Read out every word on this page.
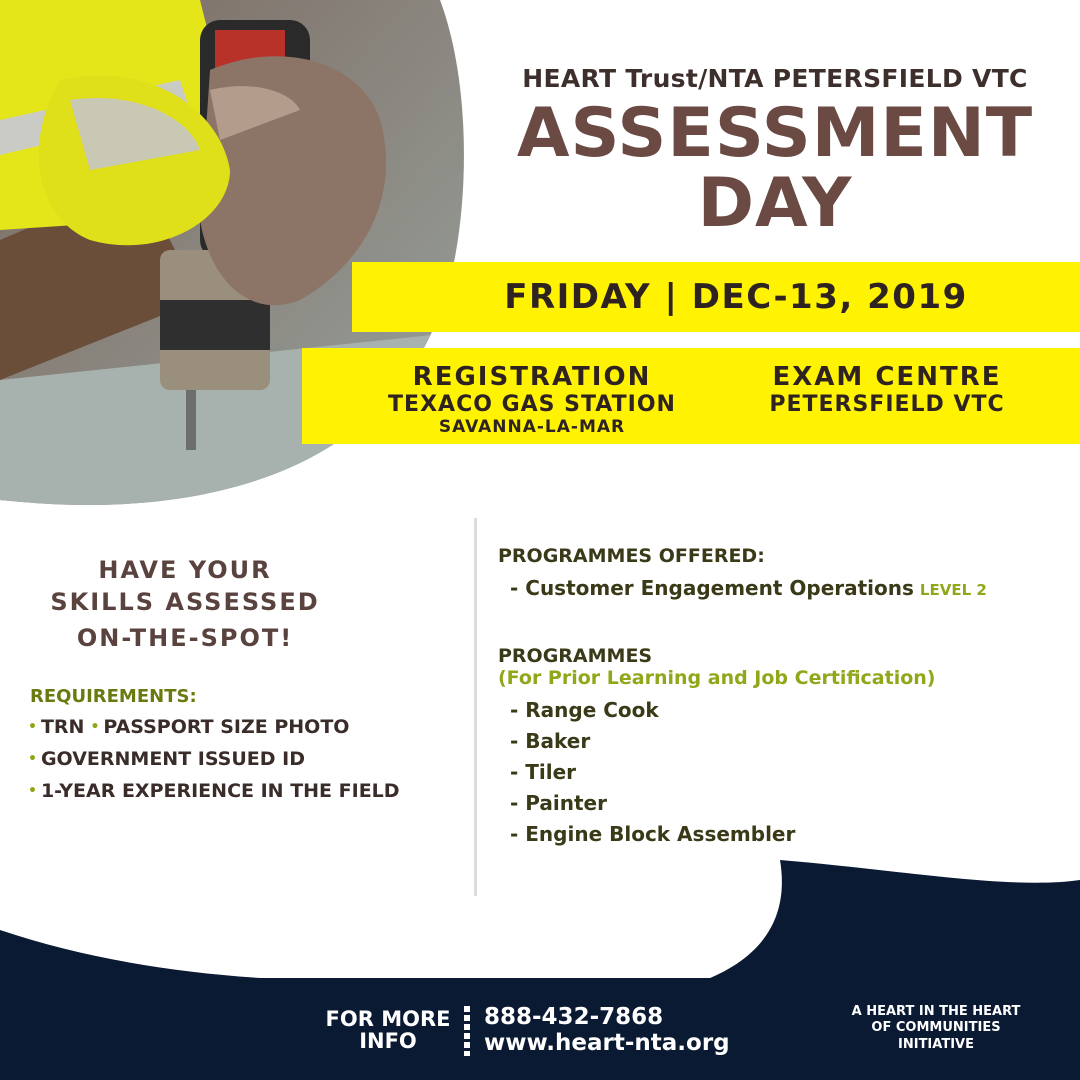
HEART Trust/NTA PETERSFIELD VTC
ASSESSMENT
DAY
FRIDAY | DEC-13, 2019
REGISTRATION
TEXACO GAS STATION
SAVANNA-LA-MAR
EXAM CENTRE
PETERSFIELD VTC
HAVE YOUR
SKILLS ASSESSED
ON-THE-SPOT!
REQUIREMENTS:
• TRN • PASSPORT SIZE PHOTO
• GOVERNMENT ISSUED ID
• 1-YEAR EXPERIENCE IN THE FIELD
PROGRAMMES OFFERED:
- Customer Engagement Operations LEVEL 2
PROGRAMMES
(For Prior Learning and Job Certification)
- Range Cook
- Baker
- Tiler
- Painter
- Engine Block Assembler
FOR MORE
INFO
888-432-7868
www.heart-nta.org
A HEART IN THE HEART
OF COMMUNITIES
INITIATIVE
